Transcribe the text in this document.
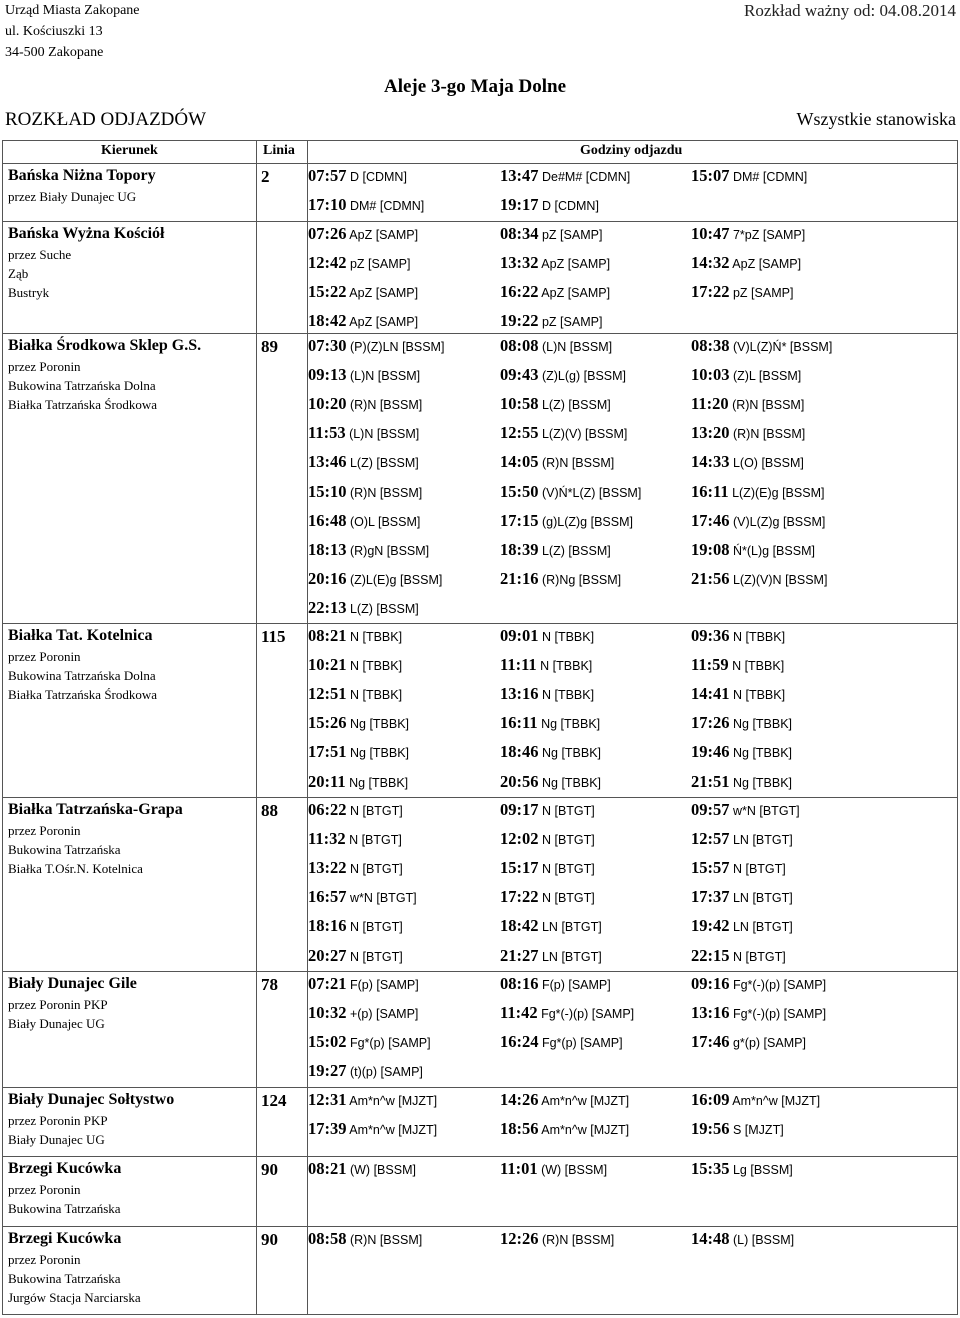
Urząd Miasta Zakopane
ul. Kościuszki 13
34-500 Zakopane
Rozkład ważny od: 04.08.2014
Aleje 3-go Maja Dolne
ROZKŁAD ODJAZDÓW	Wszystkie stanowiska
Kierunek	Linia	Godziny odjazdu
Bańska Niżna Topory
przez Biały Dunajec UG
2 07:57 D [CDMN]	13:47 De#M# [CDMN]	15:07 DM# [CDMN]
17:10 DM# [CDMN]	19:17 D [CDMN]
Bańska Wyżna Kościół
przez Suche
Ząb
Bustryk
07:26 ApZ [SAMP]	08:34 pZ [SAMP]	10:47 7*pZ [SAMP]
12:42 pZ [SAMP]	13:32 ApZ [SAMP]	14:32 ApZ [SAMP]
15:22 ApZ [SAMP]	16:22 ApZ [SAMP]	17:22 pZ [SAMP]
18:42 ApZ [SAMP]	19:22 pZ [SAMP]
Białka Środkowa Sklep G.S.
przez Poronin
Bukowina Tatrzańska Dolna
Białka Tatrzańska Środkowa
89 07:30 (P)(Z)LN [BSSM]	08:08 (L)N [BSSM]	08:38 (V)L(Z)Ń* [BSSM]
09:13 (L)N [BSSM]	09:43 (Z)L(g) [BSSM]	10:03 (Z)L [BSSM]
10:20 (R)N [BSSM]	10:58 L(Z) [BSSM]	11:20 (R)N [BSSM]
11:53 (L)N [BSSM]	12:55 L(Z)(V) [BSSM]	13:20 (R)N [BSSM]
13:46 L(Z) [BSSM]	14:05 (R)N [BSSM]	14:33 L(O) [BSSM]
15:10 (R)N [BSSM]	15:50 (V)Ń*L(Z) [BSSM]	16:11 L(Z)(E)g [BSSM]
16:48 (O)L [BSSM]	17:15 (g)L(Z)g [BSSM]	17:46 (V)L(Z)g [BSSM]
18:13 (R)gN [BSSM]	18:39 L(Z) [BSSM]	19:08 Ń*(L)g [BSSM]
20:16 (Z)L(E)g [BSSM]	21:16 (R)Ng [BSSM]	21:56 L(Z)(V)N [BSSM]
22:13 L(Z) [BSSM]
Białka Tat. Kotelnica
przez Poronin
Bukowina Tatrzańska Dolna
Białka Tatrzańska Środkowa
115 08:21 N [TBBK]	09:01 N [TBBK]	09:36 N [TBBK]
10:21 N [TBBK]	11:11 N [TBBK]	11:59 N [TBBK]
12:51 N [TBBK]	13:16 N [TBBK]	14:41 N [TBBK]
15:26 Ng [TBBK]	16:11 Ng [TBBK]	17:26 Ng [TBBK]
17:51 Ng [TBBK]	18:46 Ng [TBBK]	19:46 Ng [TBBK]
20:11 Ng [TBBK]	20:56 Ng [TBBK]	21:51 Ng [TBBK]
Białka Tatrzańska-Grapa
przez Poronin
Bukowina Tatrzańska
Białka T.Ośr.N. Kotelnica
88 06:22 N [BTGT]	09:17 N [BTGT]	09:57 w*N [BTGT]
11:32 N [BTGT]	12:02 N [BTGT]	12:57 LN [BTGT]
13:22 N [BTGT]	15:17 N [BTGT]	15:57 N [BTGT]
16:57 w*N [BTGT]	17:22 N [BTGT]	17:37 LN [BTGT]
18:16 N [BTGT]	18:42 LN [BTGT]	19:42 LN [BTGT]
20:27 N [BTGT]	21:27 LN [BTGT]	22:15 N [BTGT]
Biały Dunajec Gile
przez Poronin PKP
Biały Dunajec UG
78 07:21 F(p) [SAMP]	08:16 F(p) [SAMP]	09:16 Fg*(-)(p) [SAMP]
10:32 +(p) [SAMP]	11:42 Fg*(-)(p) [SAMP]	13:16 Fg*(-)(p) [SAMP]
15:02 Fg*(p) [SAMP]	16:24 Fg*(p) [SAMP]	17:46 g*(p) [SAMP]
19:27 (t)(p) [SAMP]
Biały Dunajec Sołtystwo
przez Poronin PKP
Biały Dunajec UG
124 12:31 Am*n^w [MJZT]	14:26 Am*n^w [MJZT]	16:09 Am*n^w [MJZT]
17:39 Am*n^w [MJZT]	18:56 Am*n^w [MJZT]	19:56 S [MJZT]
Brzegi Kucówka
przez Poronin
Bukowina Tatrzańska
90 08:21 (W) [BSSM]	11:01 (W) [BSSM]	15:35 Lg [BSSM]
Brzegi Kucówka
przez Poronin
Bukowina Tatrzańska
Jurgów Stacja Narciarska
90 08:58 (R)N [BSSM]	12:26 (R)N [BSSM]	14:48 (L) [BSSM]
